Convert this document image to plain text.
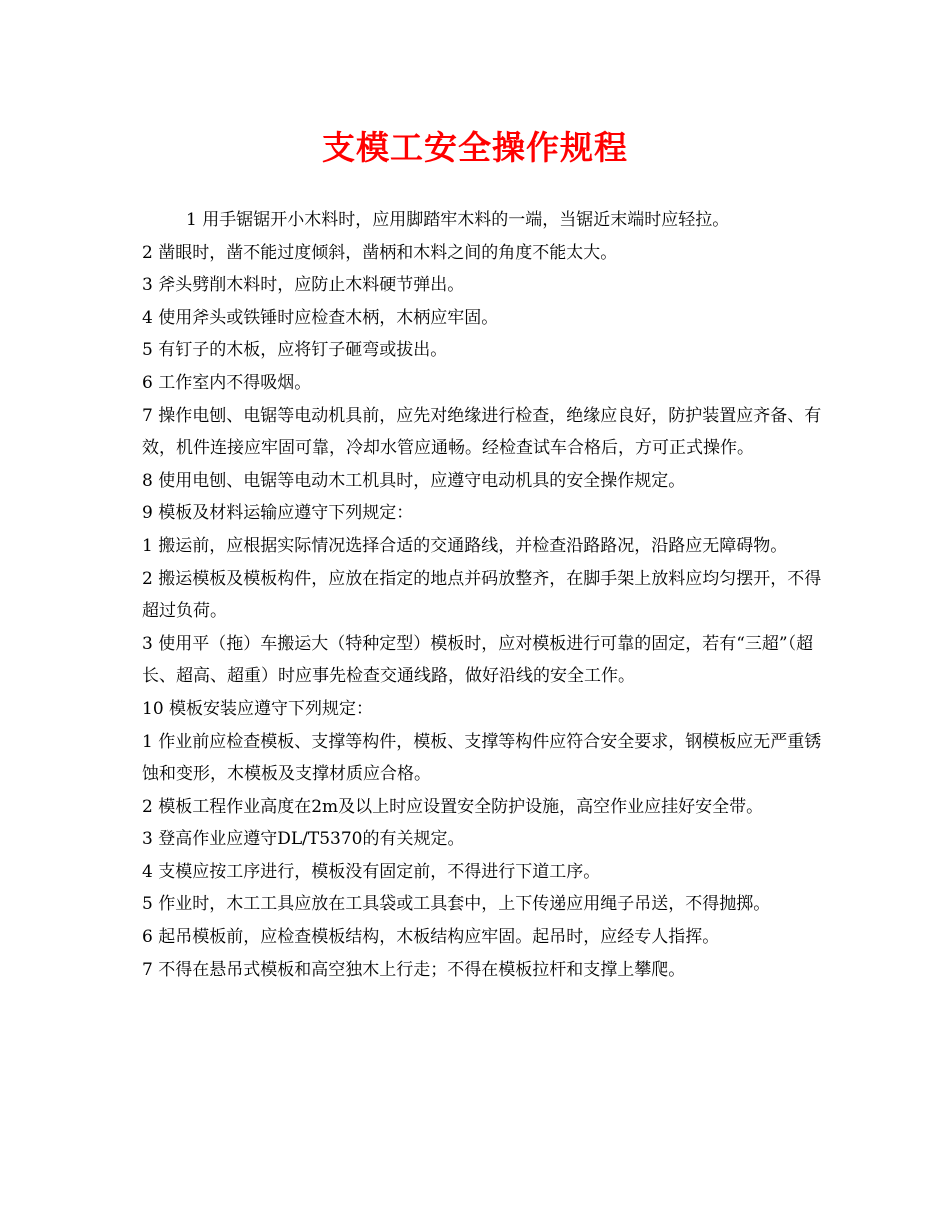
支模工安全操作规程

1 用手锯锯开小木料时，应用脚踏牢木料的一端，当锯近末端时应轻拉。

2 凿眼时，凿不能过度倾斜，凿柄和木料之间的角度不能太大。

3 斧头劈削木料时，应防止木料硬节弹出。

4 使用斧头或铁锤时应检查木柄，木柄应牢固。

5 有钉子的木板，应将钉子砸弯或拔出。

6 工作室内不得吸烟。

7 操作电刨、电锯等电动机具前，应先对绝缘进行检查，绝缘应良好，防护装置应齐备、有效，机件连接应牢固可靠，冷却水管应通畅。经检查试车合格后，方可正式操作。

8 使用电刨、电锯等电动木工机具时，应遵守电动机具的安全操作规定。

9 模板及材料运输应遵守下列规定：

1 搬运前，应根据实际情况选择合适的交通路线，并检查沿路路况，沿路应无障碍物。

2 搬运模板及模板构件，应放在指定的地点并码放整齐，在脚手架上放料应均匀摆开，不得超过负荷。

3 使用平（拖）车搬运大（特种定型）模板时，应对模板进行可靠的固定，若有“三超”（超长、超高、超重）时应事先检查交通线路，做好沿线的安全工作。

10 模板安装应遵守下列规定：

1 作业前应检查模板、支撑等构件，模板、支撑等构件应符合安全要求，钢模板应无严重锈蚀和变形，木模板及支撑材质应合格。

2 模板工程作业高度在2m及以上时应设置安全防护设施，高空作业应挂好安全带。

3 登高作业应遵守DL/T5370的有关规定。

4 支模应按工序进行，模板没有固定前，不得进行下道工序。

5 作业时，木工工具应放在工具袋或工具套中，上下传递应用绳子吊送，不得抛掷。

6 起吊模板前，应检查模板结构，木板结构应牢固。起吊时，应经专人指挥。

7 不得在悬吊式模板和高空独木上行走；不得在模板拉杆和支撑上攀爬。
